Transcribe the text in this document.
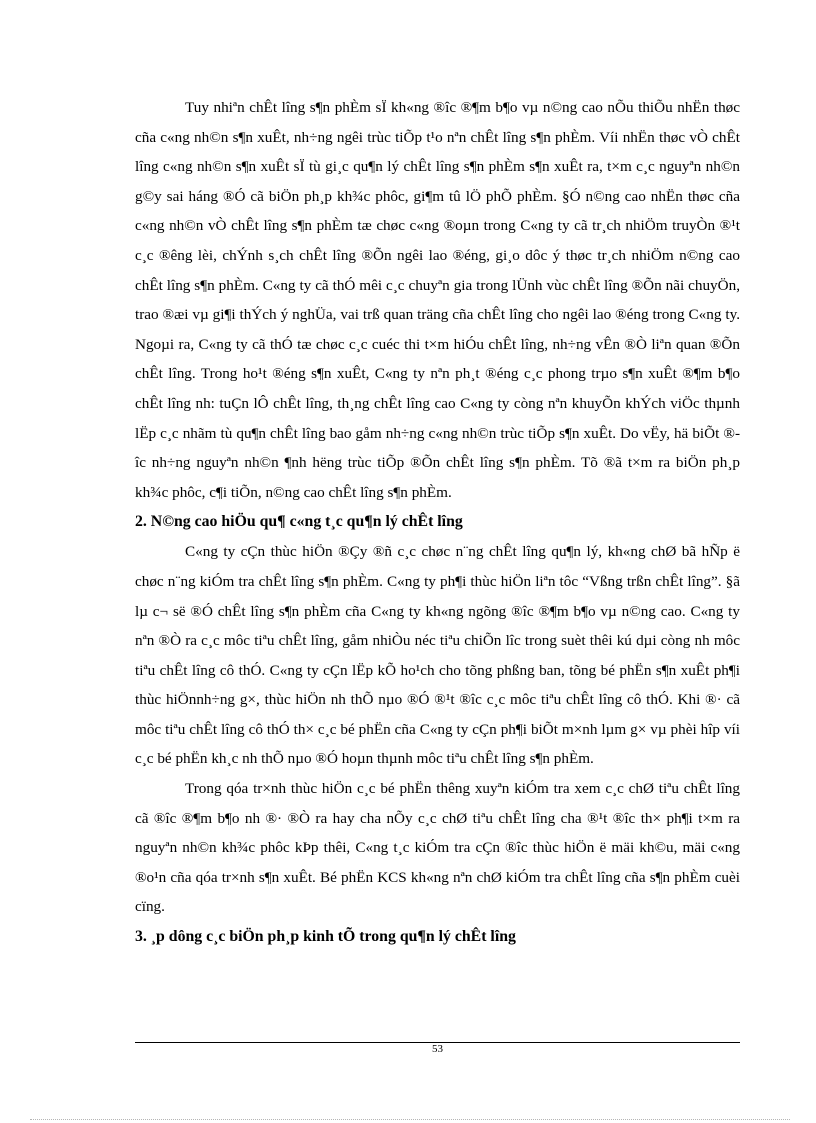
Tuy nhiªn chÊt lîng s¶n phÈm sÏ kh«ng ®îc ®¶m b¶o vµ n©ng cao nÕu thiÕu nhËn thøc cña c«ng nh©n s¶n xuÊt, nh÷ng ngêi trùc tiÕp t¹o nªn chÊt lîng s¶n phÈm. Víi nhËn thøc vÒ chÊt lîng c«ng nh©n s¶n xuÊt sÏ tù gi¸c qu¶n lý chÊt lîng s¶n phÈm s¶n xuÊt ra, t×m c¸c nguyªn nh©n g©y sai háng ®Ó cã biÖn ph¸p kh¾c phôc, gi¶m tû lÖ phÕ phÈm. §Ó n©ng cao nhËn thøc cña c«ng nh©n vÒ chÊt lîng s¶n phÈm tæ chøc c«ng ®oµn trong C«ng ty cã tr¸ch nhiÖm truyÒn ®¹t c¸c ®êng lèi, chÝnh s¸ch chÊt lîng ®Õn ngêi lao ®éng, gi¸o dôc ý thøc tr¸ch nhiÖm n©ng cao chÊt lîng s¶n phÈm. C«ng ty cã thÓ mêi c¸c chuyªn gia trong lÜnh vùc chÊt lîng ®Õn nãi chuyÖn, trao ®æi vµ gi¶i thÝch ý nghÜa, vai trß quan träng cña chÊt lîng cho ngêi lao ®éng trong C«ng ty. Ngoµi ra, C«ng ty cã thÓ tæ chøc c¸c cuéc thi t×m hiÓu chÊt lîng, nh÷ng vÊn ®Ò liªn quan ®Õn chÊt lîng. Trong ho¹t ®éng s¶n xuÊt, C«ng ty nªn ph¸t ®éng c¸c phong trµo s¶n xuÊt ®¶m b¶o chÊt lîng nh: tuÇn lÔ chÊt lîng, th¸ng chÊt lîng cao C«ng ty còng nªn khuyÕn khÝch viÖc thµnh lËp c¸c nhãm tù qu¶n chÊt lîng bao gåm nh÷ng c«ng nh©n trùc tiÕp s¶n xuÊt. Do vËy, hä biÕt ®îc nh÷ng nguyªn nh©n ¶nh hëng trùc tiÕp ®Õn chÊt lîng s¶n phÈm. Tõ ®ã t×m ra biÖn ph¸p kh¾c phôc, c¶i tiÕn, n©ng cao chÊt lîng s¶n phÈm.

2. N©ng cao hiÖu qu¶ c«ng t¸c qu¶n lý chÊt lîng

C«ng ty cÇn thùc hiÖn ®Çy ®ñ c¸c chøc n¨ng chÊt lîng qu¶n lý, kh«ng chØ bã hÑp ë chøc n¨ng kiÓm tra chÊt lîng s¶n phÈm. C«ng ty ph¶i thùc hiÖn liªn tôc “Vßng trßn chÊt lîng”. §ã lµ c¬ së ®Ó chÊt lîng s¶n phÈm cña C«ng ty kh«ng ngõng ®îc ®¶m b¶o vµ n©ng cao. C«ng ty nªn ®Ò ra c¸c môc tiªu chÊt lîng, gåm nhiÒu néc tiªu chiÕn lîc trong suèt thêi kú dµi còng nh môc tiªu chÊt lîng cô thÓ. C«ng ty cÇn lËp kÕ ho¹ch cho tõng phßng ban, tõng bé phËn s¶n xuÊt ph¶i thùc hiÖnnh÷ng g×, thùc hiÖn nh thÕ nµo ®Ó ®¹t ®îc c¸c môc tiªu chÊt lîng cô thÓ. Khi ®· cã môc tiªu chÊt lîng cô thÓ th× c¸c bé phËn cña C«ng ty cÇn ph¶i biÕt m×nh lµm g× vµ phèi hîp víi c¸c bé phËn kh¸c nh thÕ nµo ®Ó hoµn thµnh môc tiªu chÊt lîng s¶n phÈm.

Trong qóa tr×nh thùc hiÖn c¸c bé phËn thêng xuyªn kiÓm tra xem c¸c chØ tiªu chÊt lîng cã ®îc ®¶m b¶o nh ®· ®Ò ra hay cha nÕy c¸c chØ tiªu chÊt lîng cha ®¹t ®îc th× ph¶i t×m ra nguyªn nh©n kh¾c phôc kÞp thêi, C«ng t¸c kiÓm tra cÇn ®îc thùc hiÖn ë mäi kh©u, mäi c«ng ®o¹n cña qóa tr×nh s¶n xuÊt. Bé phËn KCS kh«ng nªn chØ kiÓm tra chÊt lîng cña s¶n phÈm cuèi cïng.

3. ¸p dông c¸c biÖn ph¸p kinh tÕ trong qu¶n lý chÊt lîng

53
